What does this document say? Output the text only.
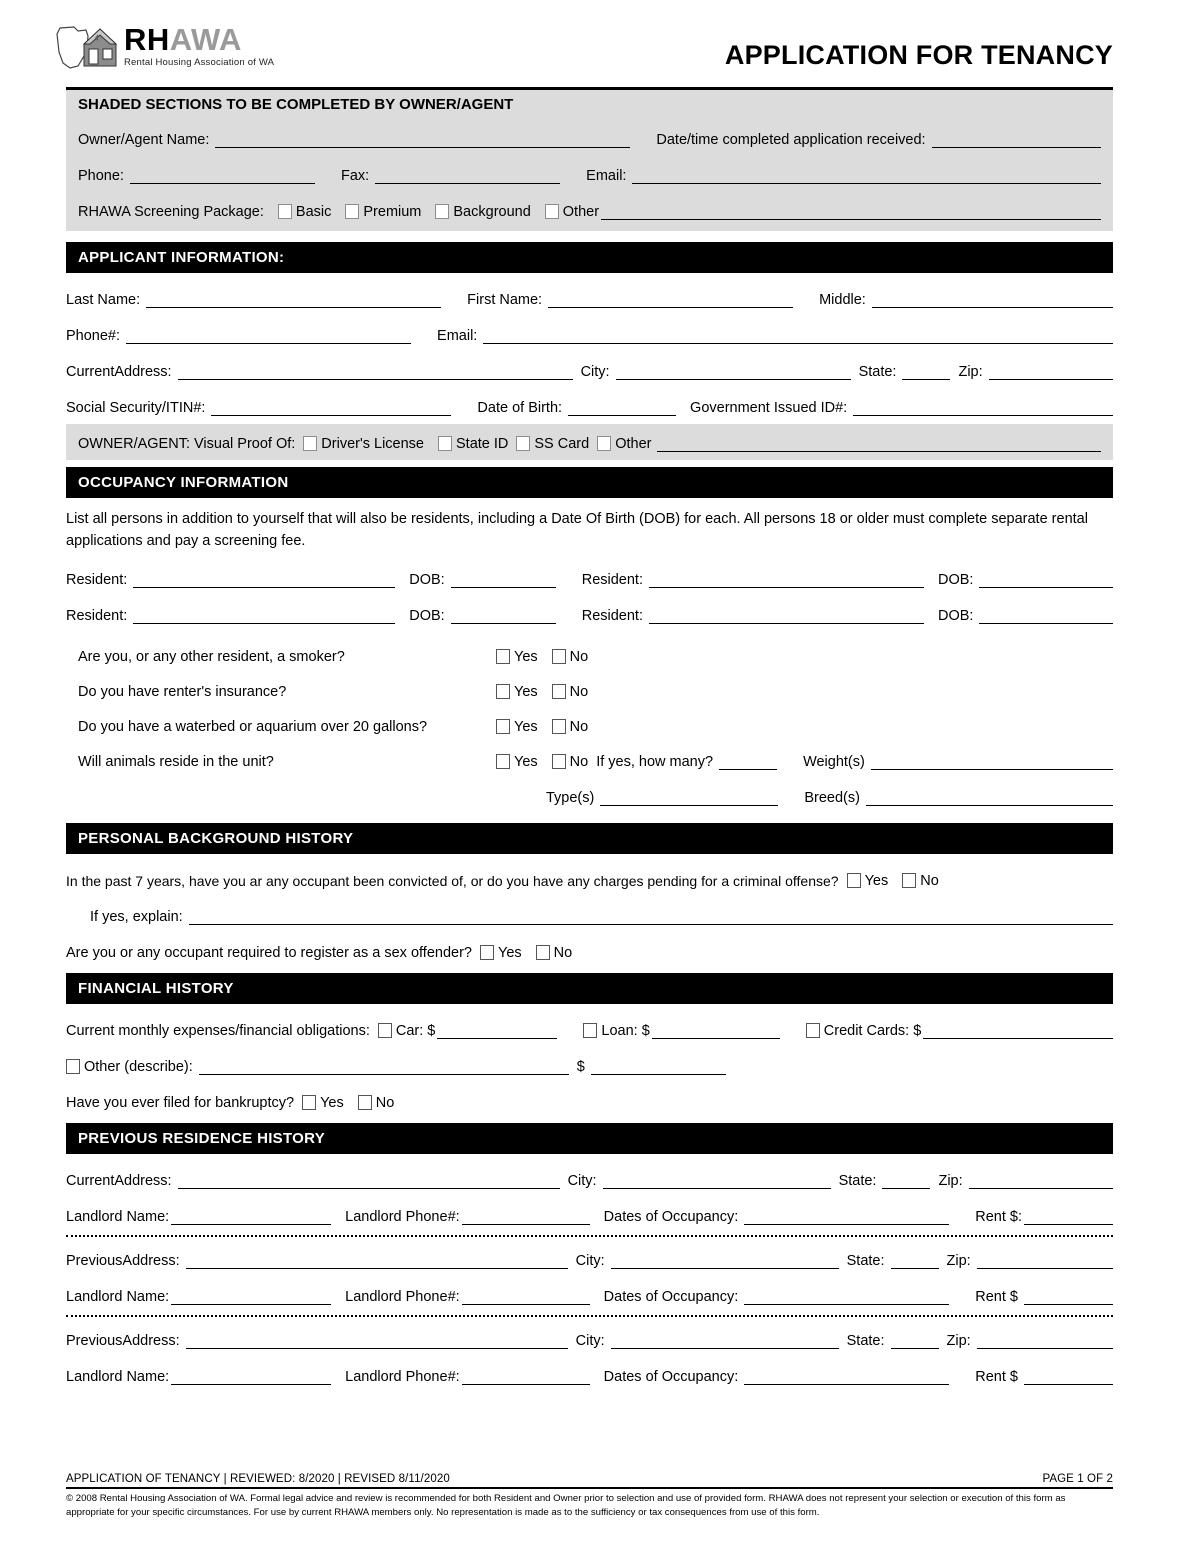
RHAWA
Rental Housing Association of WA	APPLICATION FOR TENANCY
SHADED SECTIONS TO BE COMPLETED BY OWNER/AGENT
Owner/Agent Name:	Date/time completed application received:
Phone:	Fax:	Email:
RHAWA Screening Package: Basic Premium Background Other
APPLICANT INFORMATION:
Last Name:	First Name:	Middle:
Phone#:	Email:
CurrentAddress:	City:	State:	Zip:
Social Security/ITIN#:	Date of Birth:	Government Issued ID#:
OWNER/AGENT: Visual Proof Of: Driver's License State ID SS Card Other
OCCUPANCY INFORMATION
List all persons in addition to yourself that will also be residents, including a Date Of Birth (DOB) for each. All persons 18 or older must complete separate rental applications and pay a screening fee.
Resident:	DOB:	Resident:	DOB:
Resident:	DOB:	Resident:	DOB:
Are you, or any other resident, a smoker?	Yes No
Do you have renter's insurance?	Yes No
Do you have a waterbed or aquarium over 20 gallons?	Yes No
Will animals reside in the unit?	Yes No If yes, how many?	Weight(s)
Type(s)	Breed(s)
PERSONAL BACKGROUND HISTORY
In the past 7 years, have you ar any occupant been convicted of, or do you have any charges pending for a criminal offense? Yes No
If yes, explain:
Are you or any occupant required to register as a sex offender? Yes No
FINANCIAL HISTORY
Current monthly expenses/financial obligations: Car: $	Loan: $	Credit Cards: $
Other (describe):	$
Have you ever filed for bankruptcy? Yes No
PREVIOUS RESIDENCE HISTORY
CurrentAddress:	City:	State:	Zip:
Landlord Name:	Landlord Phone#:	Dates of Occupancy:	Rent $:
PreviousAddress:	City:	State:	Zip:
Landlord Name:	Landlord Phone#:	Dates of Occupancy:	Rent $
PreviousAddress:	City:	State:	Zip:
Landlord Name:	Landlord Phone#:	Dates of Occupancy:	Rent $
APPLICATION OF TENANCY | REVIEWED: 8/2020 | REVISED 8/11/2020	PAGE 1 OF 2
© 2008 Rental Housing Association of WA. Formal legal advice and review is recommended for both Resident and Owner prior to selection and use of provided form. RHAWA does not represent your selection or execution of this form as appropriate for your specific circumstances. For use by current RHAWA members only. No representation is made as to the sufficiency or tax consequences from use of this form.
